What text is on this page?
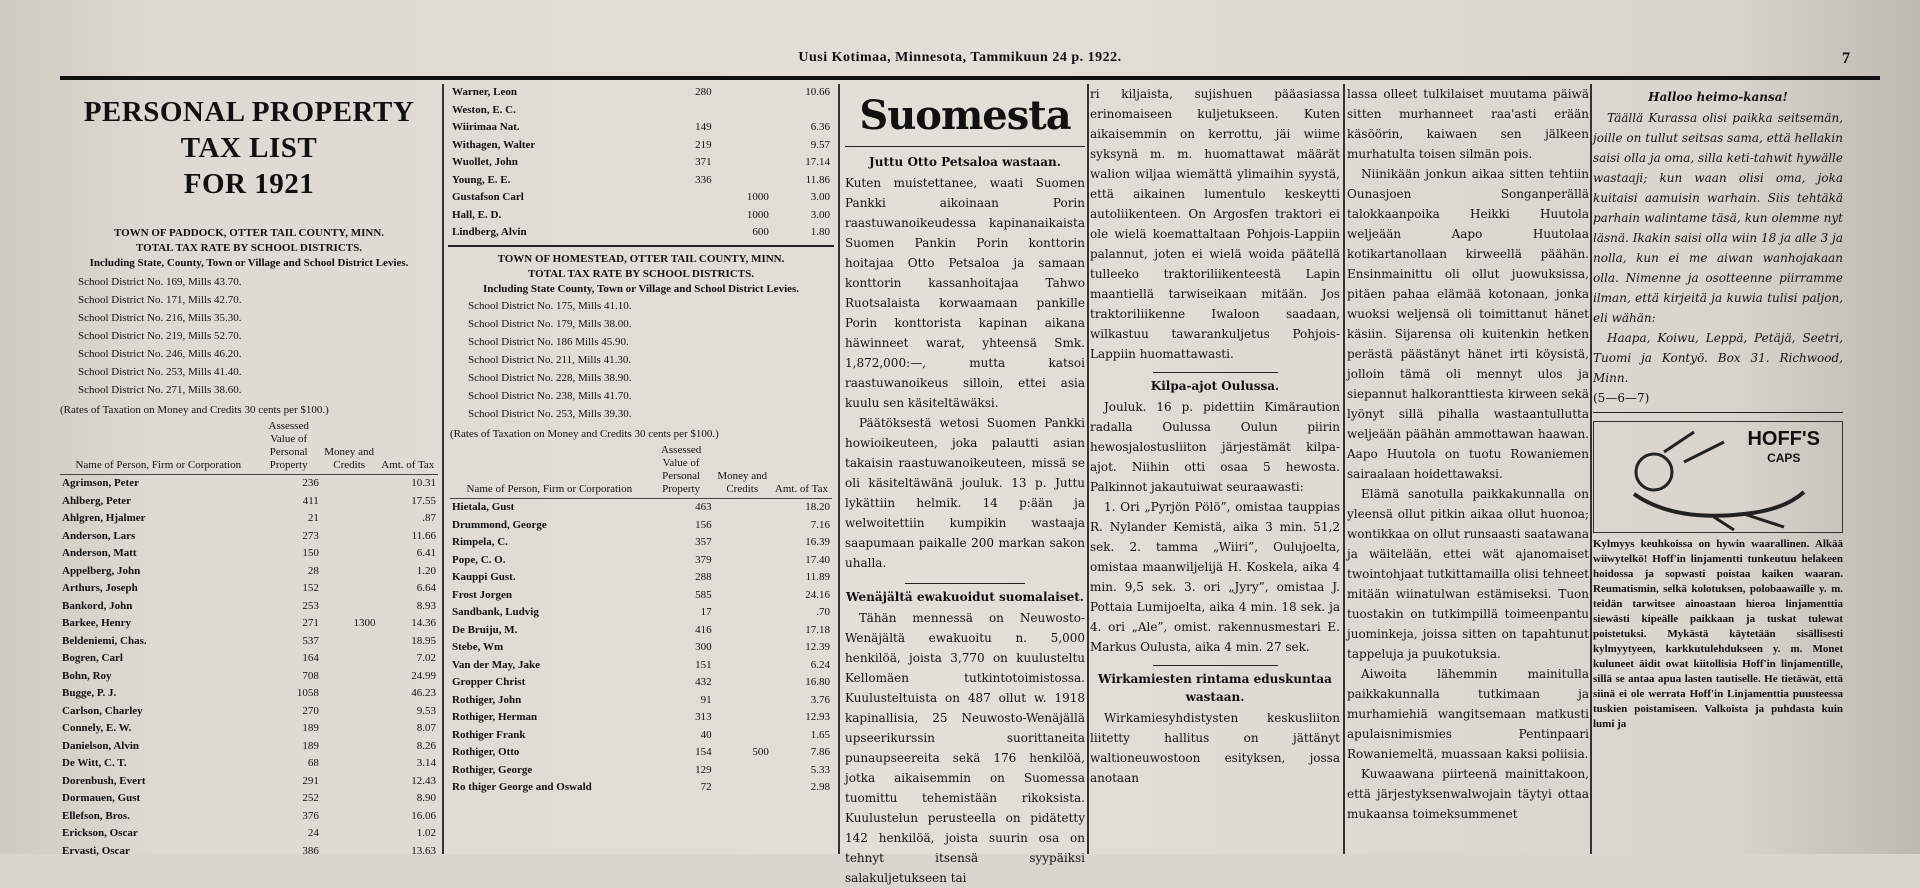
Uusi Kotimaa, Minnesota, Tammikuun 24 p. 1922.	7
PERSONAL PROPERTY TAX LIST
FOR 1921
TOWN OF PADDOCK, OTTER TAIL COUNTY, MINN.
TOTAL TAX RATE BY SCHOOL DISTRICTS.
Including State, County, Town or Village and School District Levies.
School District No. 169, Mills 43.70.
School District No. 171, Mills 42.70.
School District No. 216, Mills 35.30.
School District No. 219, Mills 52.70.
School District No. 246, Mills 46.20.
School District No. 253, Mills 41.40.
School District No. 271, Mills 38.60.
(Rates of Taxation on Money and Credits 30 cents per $100.)
Name of Person, Firm or Corporation	Assessed Value of Personal Property	Money and Credits	Amt. of Tax
Agrimson, Peter	236		10.31
Ahlberg, Peter	411		17.55
Ahlgren, Hjalmer	21		.87
Anderson, Lars	273		11.66
Anderson, Matt	150		6.41
Appelberg, John	28		1.20
Arthurs, Joseph	152		6.64
Bankord, John	253		8.93
Barkee, Henry	271	1300	14.36
Beldeniemi, Chas.	537		18.95
Bogren, Carl	164		7.02
Bohn, Roy	708		24.99
Bugge, P. J.	1058		46.23
Carlson, Charley	270		9.53
Connely, E. W.	189		8.07
Danielson, Alvin	189		8.26
De Witt, C. T.	68		3.14
Dorenbush, Evert	291		12.43
Dormauen, Gust	252		8.90
Ellefson, Bros.	376		16.06
Erickson, Oscar	24		1.02
Ervasti, Oscar	386		13.63
Warner, Leon	280		10.66
Weston, E. C.			
Wiirimaa Nat.	149		6.36
Withagen, Walter	219		9.57
Wuollet, John	371		17.14
Young, E. E.	336		11.86
Gustafson Carl		1000	3.00
Hall, E. D.		1000	3.00
Lindberg, Alvin		600	1.80
TOWN OF HOMESTEAD, OTTER TAIL COUNTY, MINN.
TOTAL TAX RATE BY SCHOOL DISTRICTS.
Including State County, Town or Village and School District Levies.
School District No. 175, Mills 41.10.
School District No. 179, Mills 38.00.
School District No. 186 Mills 45.90.
School District No. 211, Mills 41.30.
School District No. 228, Mills 38.90.
School District No. 238, Mills 41.70.
School District No. 253, Mills 39.30.
(Rates of Taxation on Money and Credits 30 cents per $100.)
Name of Person, Firm or Corporation	Assessed Value of Personal Property	Money and Credits	Amt. of Tax
Hietala, Gust	463		18.20
Drummond, George	156		7.16
Rimpela, C.	357		16.39
Pope, C. O.	379		17.40
Kauppi Gust.	288		11.89
Frost Jorgen	585		24.16
Sandbank, Ludvig	17		.70
De Bruiju, M.	416		17.18
Stebe, Wm	300		12.39
Van der May, Jake	151		6.24
Gropper Christ	432		16.80
Rothiger, John	91		3.76
Rothiger, Herman	313		12.93
Rothiger Frank	40		1.65
Rothiger, Otto	154	500	7.86
Rothiger, George	129		5.33
Ro thiger George and Oswald	72		2.98
Suomesta
Juttu Otto Petsaloa wastaan.
Kuten muistettanee, waati Suomen Pankki aikoinaan Porin raastuwanoikeudessa kapinanaikaista Suomen Pankin Porin konttorin hoitajaa Otto Petsaloa ja samaan konttorin kassanhoitajaa Tahwo Ruotsalaista korwaamaan pankille Porin konttorista kapinan aikana häwinneet warat, yhteensä Smk. 1,872,000:—, mutta katsoi raastuwanoikeus silloin, ettei asia kuulu sen käsiteltäwäksi.
Päätöksestä wetosi Suomen Pankki howioikeuteen, joka palautti asian takaisin raastuwanoikeuteen, missä se oli käsiteltäwänä jouluk. 13 p. Juttu lykättiin helmik. 14 p:ään ja welwoitettiin kumpikin wastaaja saapumaan paikalle 200 markan sakon uhalla.
Wenäjältä ewakuoidut suomalaiset.
Tähän mennessä on Neuwosto-Wenäjältä ewakuoitu n. 5,000 henkilöä, joista 3,770 on kuulusteltu Kellomäen tutkintotoimistossa. Kuulusteltuista on 487 ollut w. 1918 kapinallisia, 25 Neuwosto-Wenäjällä upseerikurssin suorittaneita punaupseereita sekä 176 henkilöä, jotka aikaisemmin on Suomessa tuomittu tehemistään rikoksista. Kuulustelun perusteella on pidätetty 142 henkilöä, joista suurin osa on tehnyt itsensä syypäiksi salakuljetukseen tai
ri kiljaista, sujishuen pääasiassa erinomaiseen kuljetukseen. Kuten aikaisemmin on kerrottu, jäi wiime syksynä m. m. huomattawat määrät walion wiljaa wiemättä ylimaihin syystä, että aikainen lumentulo keskeytti autoliikenteen. On Argosfen traktori ei ole wielä koemattaltaan Pohjois-Lappiin palannut, joten ei wielä woida päätellä tulleeko traktoriliikenteestä Lapin maantiellä tarwiseikaan mitään. Jos traktoriliikenne Iwaloon saadaan, wilkastuu tawarankuljetus Pohjois-Lappiin huomattawasti.
Kilpa-ajot Oulussa.
Jouluk. 16 p. pidettiin Kimäraution radalla Oulussa Oulun piirin hewosjalostusliiton järjestämät kilpa-ajot. Niihin otti osaa 5 hewosta. Palkinnot jakautuiwat seuraawasti:
1. Ori „Pyrjön Pölö”, omistaa tauppias R. Nylander Kemistä, aika 3 min. 51,2 sek. 2. tamma „Wiiri”, Oulujoelta, omistaa maanwiljelijä H. Koskela, aika 4 min. 9,5 sek. 3. ori „Jyry”, omistaa J. Pottaia Lumijoelta, aika 4 min. 18 sek. ja 4. ori „Ale”, omist. rakennusmestari E. Markus Oulusta, aika 4 min. 27 sek.
Wirkamiesten rintama eduskuntaa wastaan.
Wirkamiesyhdistysten keskusliiton liitetty hallitus on jättänyt waltioneuwostoon esityksen, jossa anotaan
lassa olleet tulkilaiset muutama päiwä sitten murhanneet raa'asti erään käsöörin, kaiwaen sen jälkeen murhatulta toisen silmän pois.
Niinikään jonkun aikaa sitten tehtiin Ounasjoen Songanperällä talokkaanpoika Heikki Huutola weljeään Aapo Huutolaa kotikartanollaan kirweellä päähän. Ensinmainittu oli ollut juowuksissa, pitäen pahaa elämää kotonaan, jonka wuoksi weljensä oli toimittanut hänet käsiin. Sijarensa oli kuitenkin hetken perästä päästänyt hänet irti köysistä, jolloin tämä oli mennyt ulos ja siepannut halkoranttiesta kirween sekä lyönyt sillä pihalla wastaantullutta weljeään päähän ammottawan haawan. Aapo Huutola on tuotu Rowaniemen sairaalaan hoidettawaksi.
Elämä sanotulla paikkakunnalla on yleensä ollut pitkin aikaa ollut huonoa; wontikkaa on ollut runsaasti saatawana ja wäitelään, ettei wät ajanomaiset twointohjaat tutkittamailla olisi tehneet mitään wiinatulwan estämiseksi. Tuon tuostakin on tutkimpillä toimeenpantu juominkeja, joissa sitten on tapahtunut tappeluja ja puukotuksia.
Aiwoita lähemmin mainitulla paikkakunnalla tutkimaan ja murhamiehiä wangitsemaan matkusti apulaisnimismies Pentinpaari Rowaniemeltä, muassaan kaksi poliisia.
Kuwaawana piirteenä mainittakoon, että järjestyksenwalwojain täytyi ottaa mukaansa toimeksummenet
Halloo heimo-kansa!
Täällä Kurassa olisi paikka seitsemän, joille on tullut seitsas sama, että hellakin saisi olla ja oma, silla keti-tahwit hywälle wastaaji; kun waan olisi oma, joka kuitaisi aamuisin warhain. Siis tehtäkä parhain walintame täsä, kun olemme nyt läsnä. Ikakin saisi olla wiin 18 ja alle 3 ja nolla, kun ei me aiwan wanhojakaan olla. Nimenne ja osotteenne piirramme ilman, että kirjeitä ja kuwia tulisi paljon, eli wähän:
Haapa, Koiwu, Leppä, Petäjä, Seetri, Tuomi ja Kontyö. Box 31. Richwood, Minn.
(5—6—7)
HOFF'S
CAPS
Kylmyys keuhkoissa on hywin waarallinen. Alkää wiiwytelkö! Hoff'in linjamentti tunkeutuu helakeen hoidossa ja sopwasti poistaa kaiken waaran. Reumatismin, selkä kolotuksen, polobaawaille y. m. teidän tarwitsee ainoastaan hieroa linjamenttia siewästi kipeälle paikkaan ja tuskat tulewat poistetuksi. Mykästä käytetään sisällisesti kylmyytyeen, karkkutulehdukseen y. m. Monet kuluneet äidit owat kiitollisia Hoff'in linjamentille, sillä se antaa apua lasten tautiselle. He tietäwät, että siinä ei ole werrata Hoff'in Linjamenttia puusteessa tuskien poistamiseen. Valkoista ja puhdasta kuin lumi ja
